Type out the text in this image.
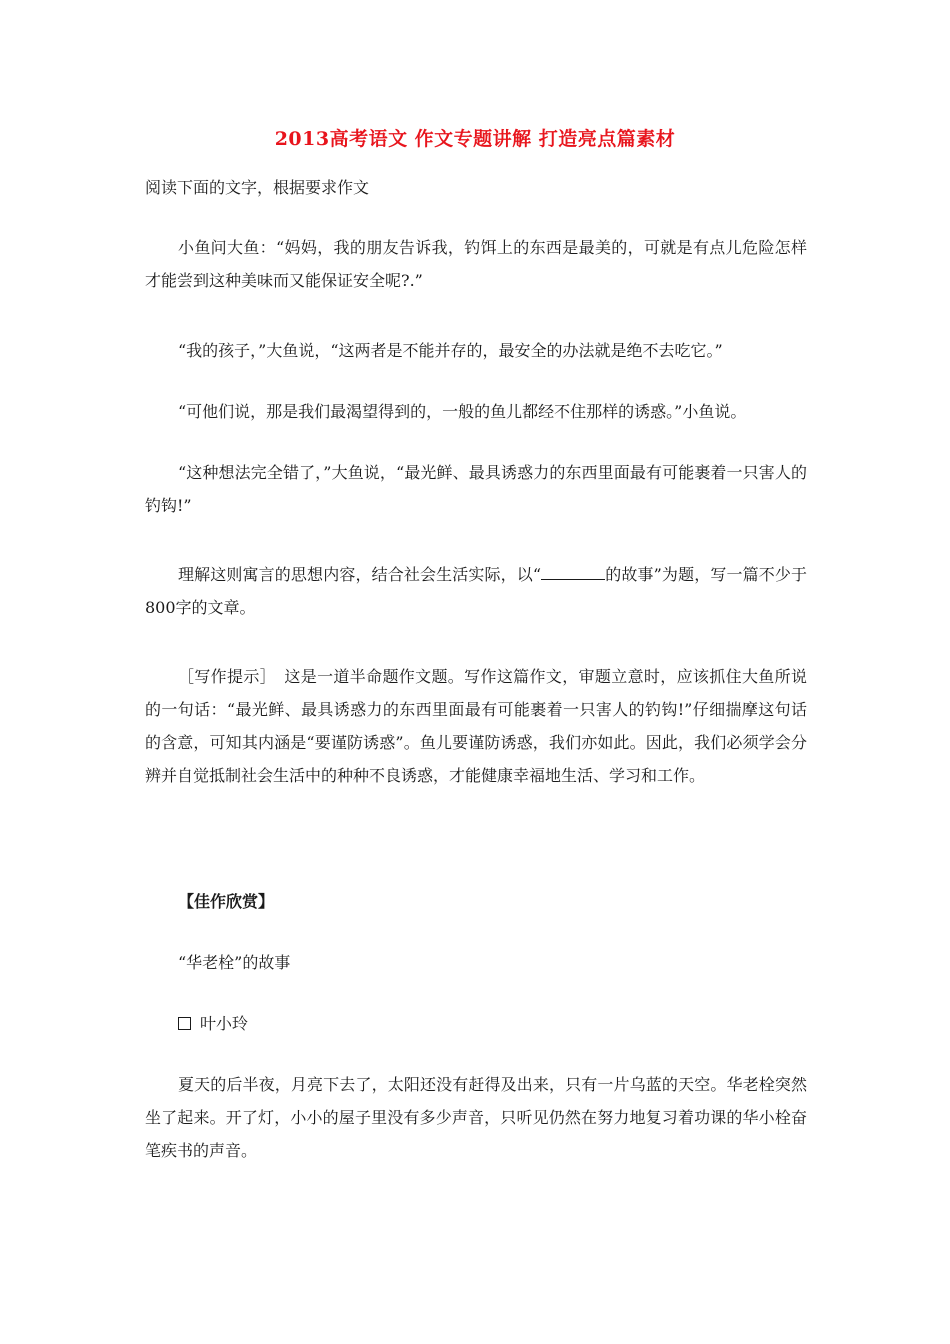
2013高考语文 作文专题讲解 打造亮点篇素材

阅读下面的文字，根据要求作文

小鱼问大鱼：“妈妈，我的朋友告诉我，钓饵上的东西是最美的，可就是有点儿危险怎样才能尝到这种美味而又能保证安全呢?.”

“我的孩子，”大鱼说，“这两者是不能并存的，最安全的办法就是绝不去吃它。”

“可他们说，那是我们最渴望得到的，一般的鱼儿都经不住那样的诱惑。”小鱼说。

“这种想法完全错了，”大鱼说，“最光鲜、最具诱惑力的东西里面最有可能裹着一只害人的钓钩!”

理解这则寓言的思想内容，结合社会生活实际，以“	的故事”为题，写一篇不少于800字的文章。

［写作提示］　这是一道半命题作文题。写作这篇作文，审题立意时，应该抓住大鱼所说的一句话：“最光鲜、最具诱惑力的东西里面最有可能裹着一只害人的钓钩!”仔细揣摩这句话的含意，可知其内涵是“要谨防诱惑”。鱼儿要谨防诱惑，我们亦如此。因此，我们必须学会分辨并自觉抵制社会生活中的种种不良诱惑，才能健康幸福地生活、学习和工作。

【佳作欣赏】

“华老栓”的故事

叶小玲

夏天的后半夜，月亮下去了，太阳还没有赶得及出来，只有一片乌蓝的天空。华老栓突然坐了起来。开了灯，小小的屋子里没有多少声音，只听见仍然在努力地复习着功课的华小栓奋笔疾书的声音。
